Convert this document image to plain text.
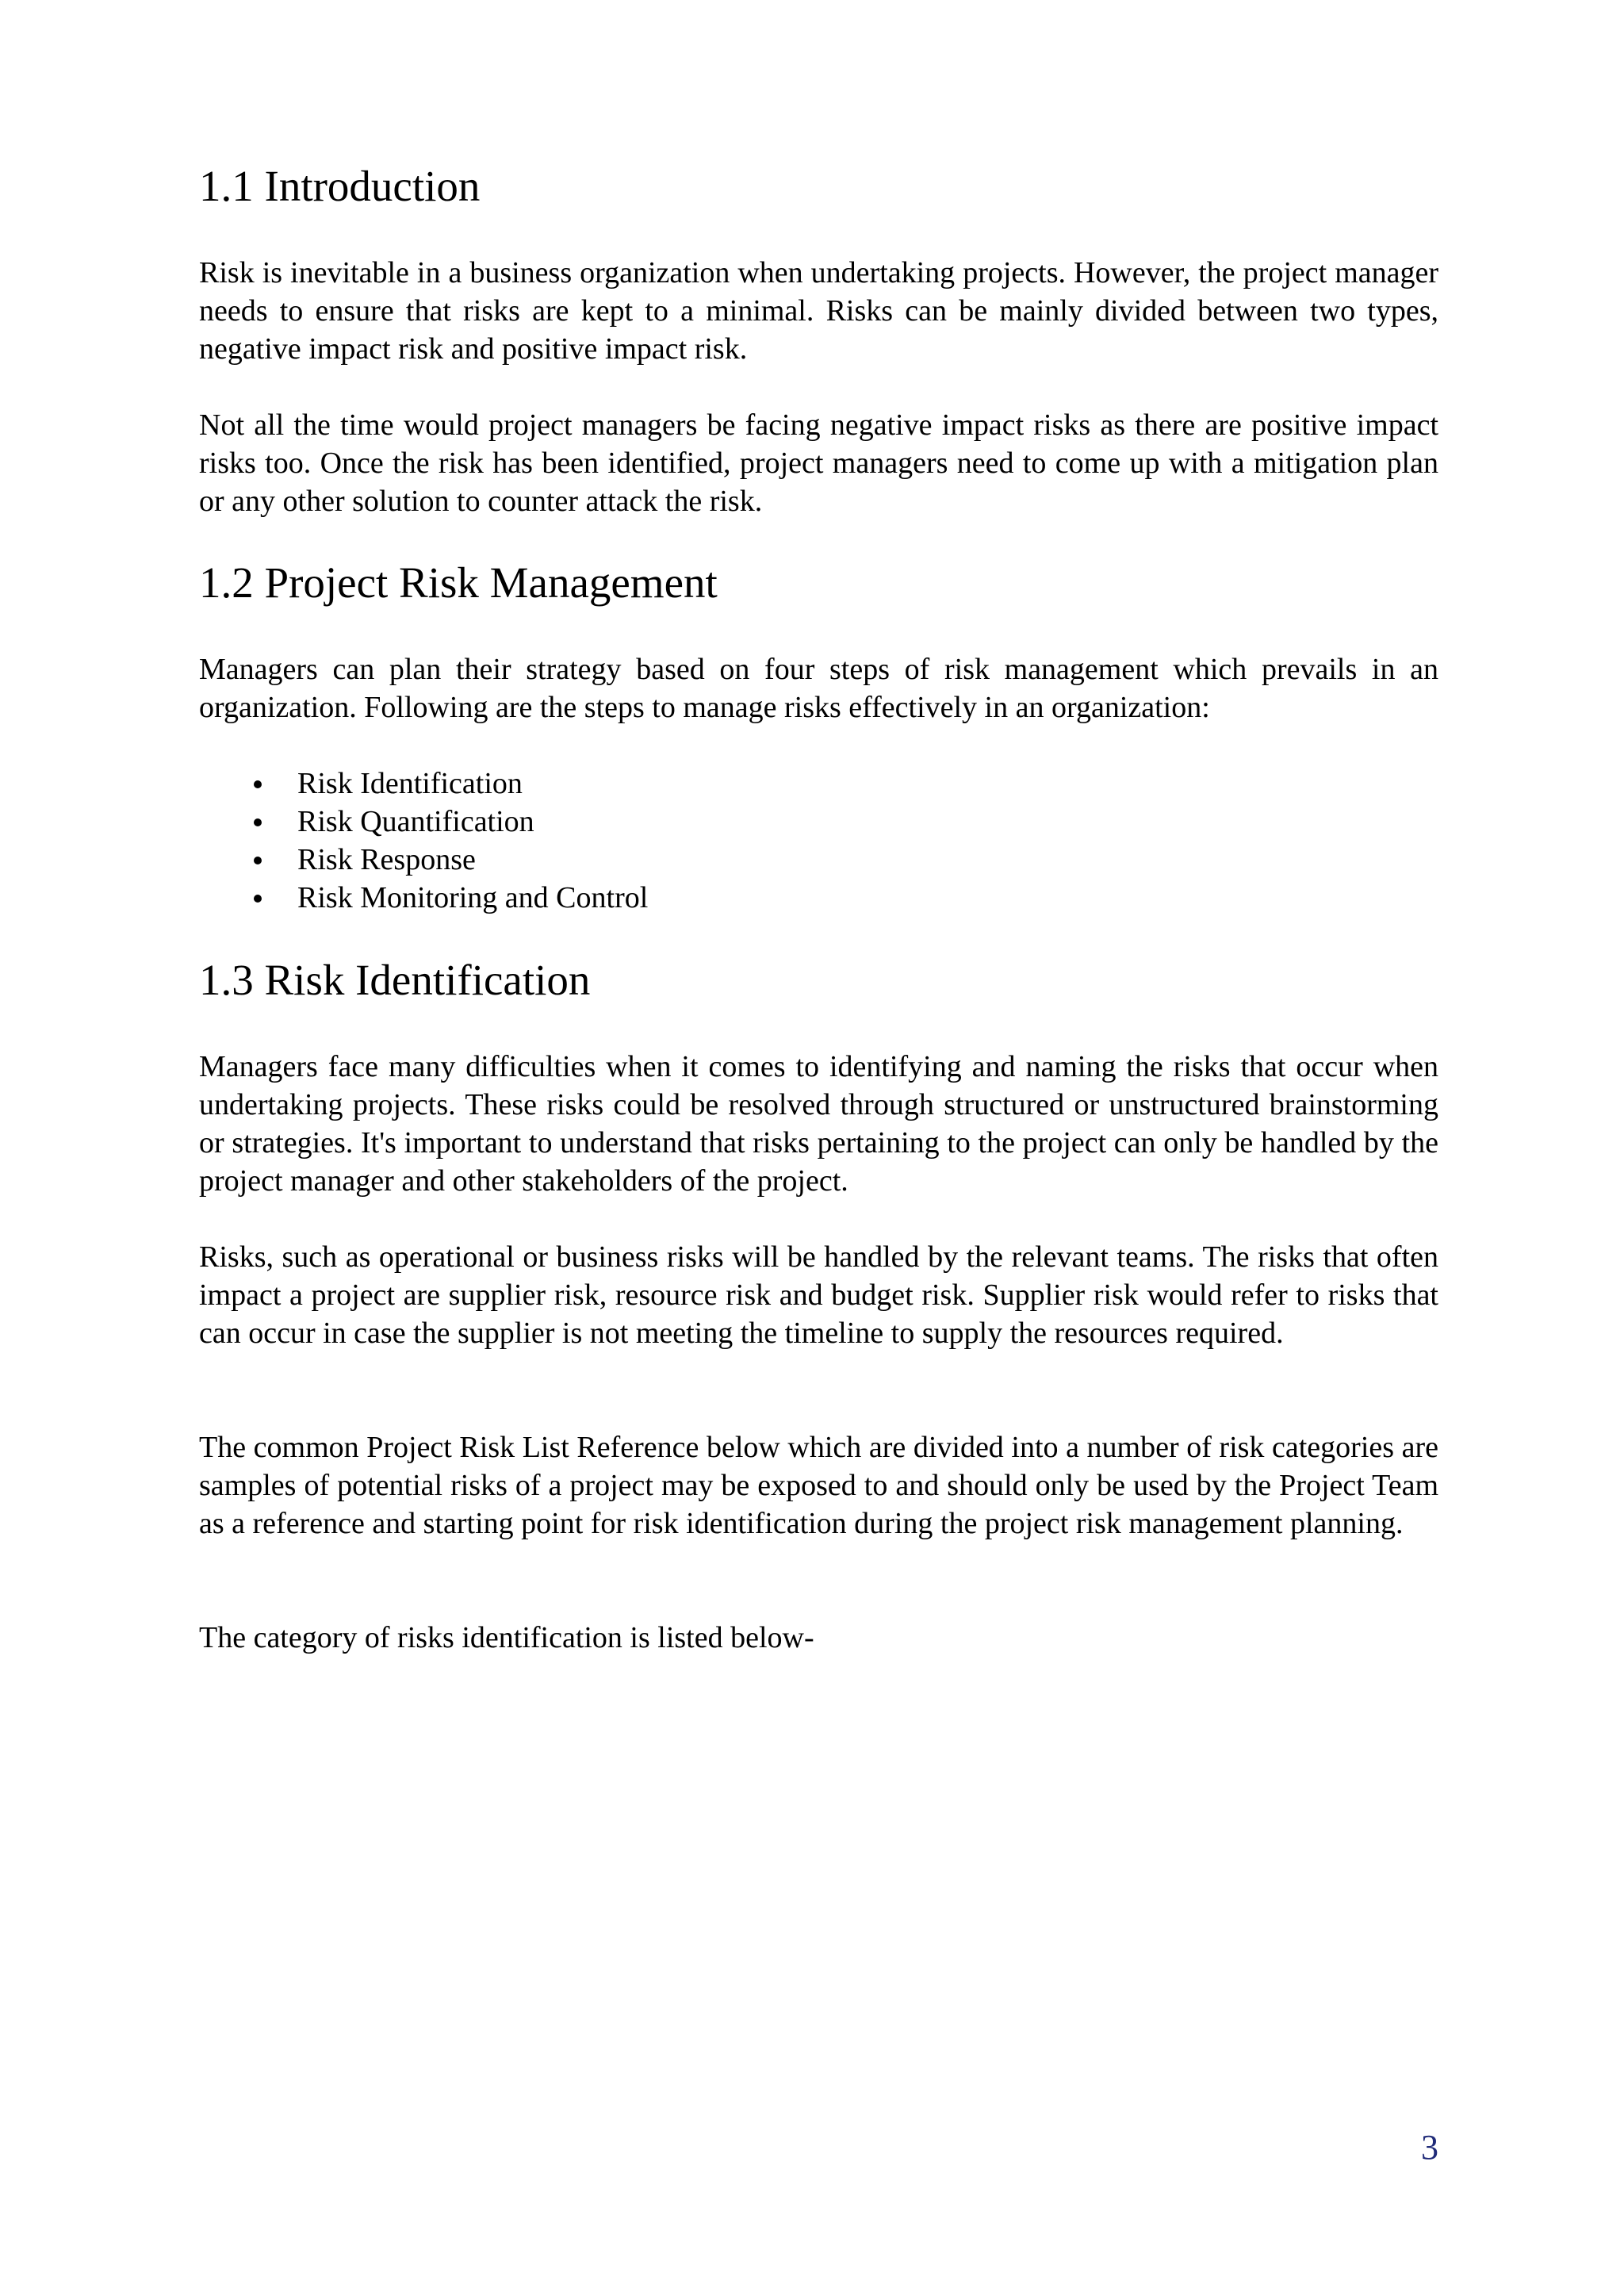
1.1 Introduction

Risk is inevitable in a business organization when undertaking projects. However, the project manager needs to ensure that risks are kept to a minimal. Risks can be mainly divided between two types, negative impact risk and positive impact risk.

Not all the time would project managers be facing negative impact risks as there are positive impact risks too. Once the risk has been identified, project managers need to come up with a mitigation plan or any other solution to counter attack the risk.

1.2 Project Risk Management

Managers can plan their strategy based on four steps of risk management which prevails in an organization. Following are the steps to manage risks effectively in an organization:

Risk Identification
Risk Quantification
Risk Response
Risk Monitoring and Control
1.3 Risk Identification

Managers face many difficulties when it comes to identifying and naming the risks that occur when undertaking projects. These risks could be resolved through structured or unstructured brainstorming or strategies. It's important to understand that risks pertaining to the project can only be handled by the project manager and other stakeholders of the project.

Risks, such as operational or business risks will be handled by the relevant teams. The risks that often impact a project are supplier risk, resource risk and budget risk. Supplier risk would refer to risks that can occur in case the supplier is not meeting the timeline to supply the resources required.

The common Project Risk List Reference below which are divided into a number of risk categories are samples of potential risks of a project may be exposed to and should only be used by the Project Team as a reference and starting point for risk identification during the project risk management planning.

The category of risks identification is listed below-

3
